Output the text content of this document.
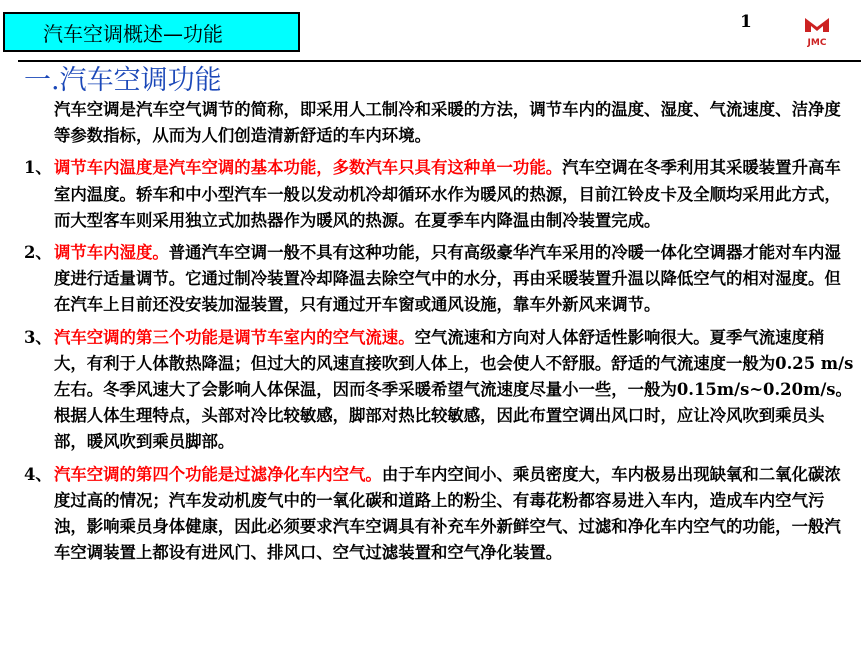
汽车空调概述—功能	1
JMC
一.汽车空调功能

汽车空调是汽车空气调节的简称，即采用人工制冷和采暖的方法，调节车内的温度、湿度、气流速度、洁净度等参数指标，从而为人们创造清新舒适的车内环境。

1、 调节车内温度是汽车空调的基本功能，多数汽车只具有这种单一功能。汽车空调在冬季利用其采暖装置升高车室内温度。轿车和中小型汽车一般以发动机冷却循环水作为暖风的热源，目前江铃皮卡及全顺均采用此方式，而大型客车则采用独立式加热器作为暖风的热源。在夏季车内降温由制冷装置完成。
2、 调节车内湿度。普通汽车空调一般不具有这种功能，只有高级豪华汽车采用的冷暖一体化空调器才能对车内湿度进行适量调节。它通过制冷装置冷却降温去除空气中的水分，再由采暖装置升温以降低空气的相对湿度。但在汽车上目前还没安装加湿装置，只有通过开车窗或通风设施，靠车外新风来调节。
3、 汽车空调的第三个功能是调节车室内的空气流速。空气流速和方向对人体舒适性影响很大。夏季气流速度稍大，有利于人体散热降温；但过大的风速直接吹到人体上，也会使人不舒服。舒适的气流速度一般为0.25 m/s左右。冬季风速大了会影响人体保温，因而冬季采暖希望气流速度尽量小一些，一般为0.15m/s~0.20m/s。根据人体生理特点，头部对冷比较敏感，脚部对热比较敏感，因此布置空调出风口时，应让冷风吹到乘员头部，暖风吹到乘员脚部。
4、 汽车空调的第四个功能是过滤净化车内空气。由于车内空间小、乘员密度大，车内极易出现缺氧和二氧化碳浓度过高的情况；汽车发动机废气中的一氧化碳和道路上的粉尘、有毒花粉都容易进入车内，造成车内空气污浊，影响乘员身体健康，因此必须要求汽车空调具有补充车外新鲜空气、过滤和净化车内空气的功能，一般汽车空调装置上都设有进风门、排风口、空气过滤装置和空气净化装置。
